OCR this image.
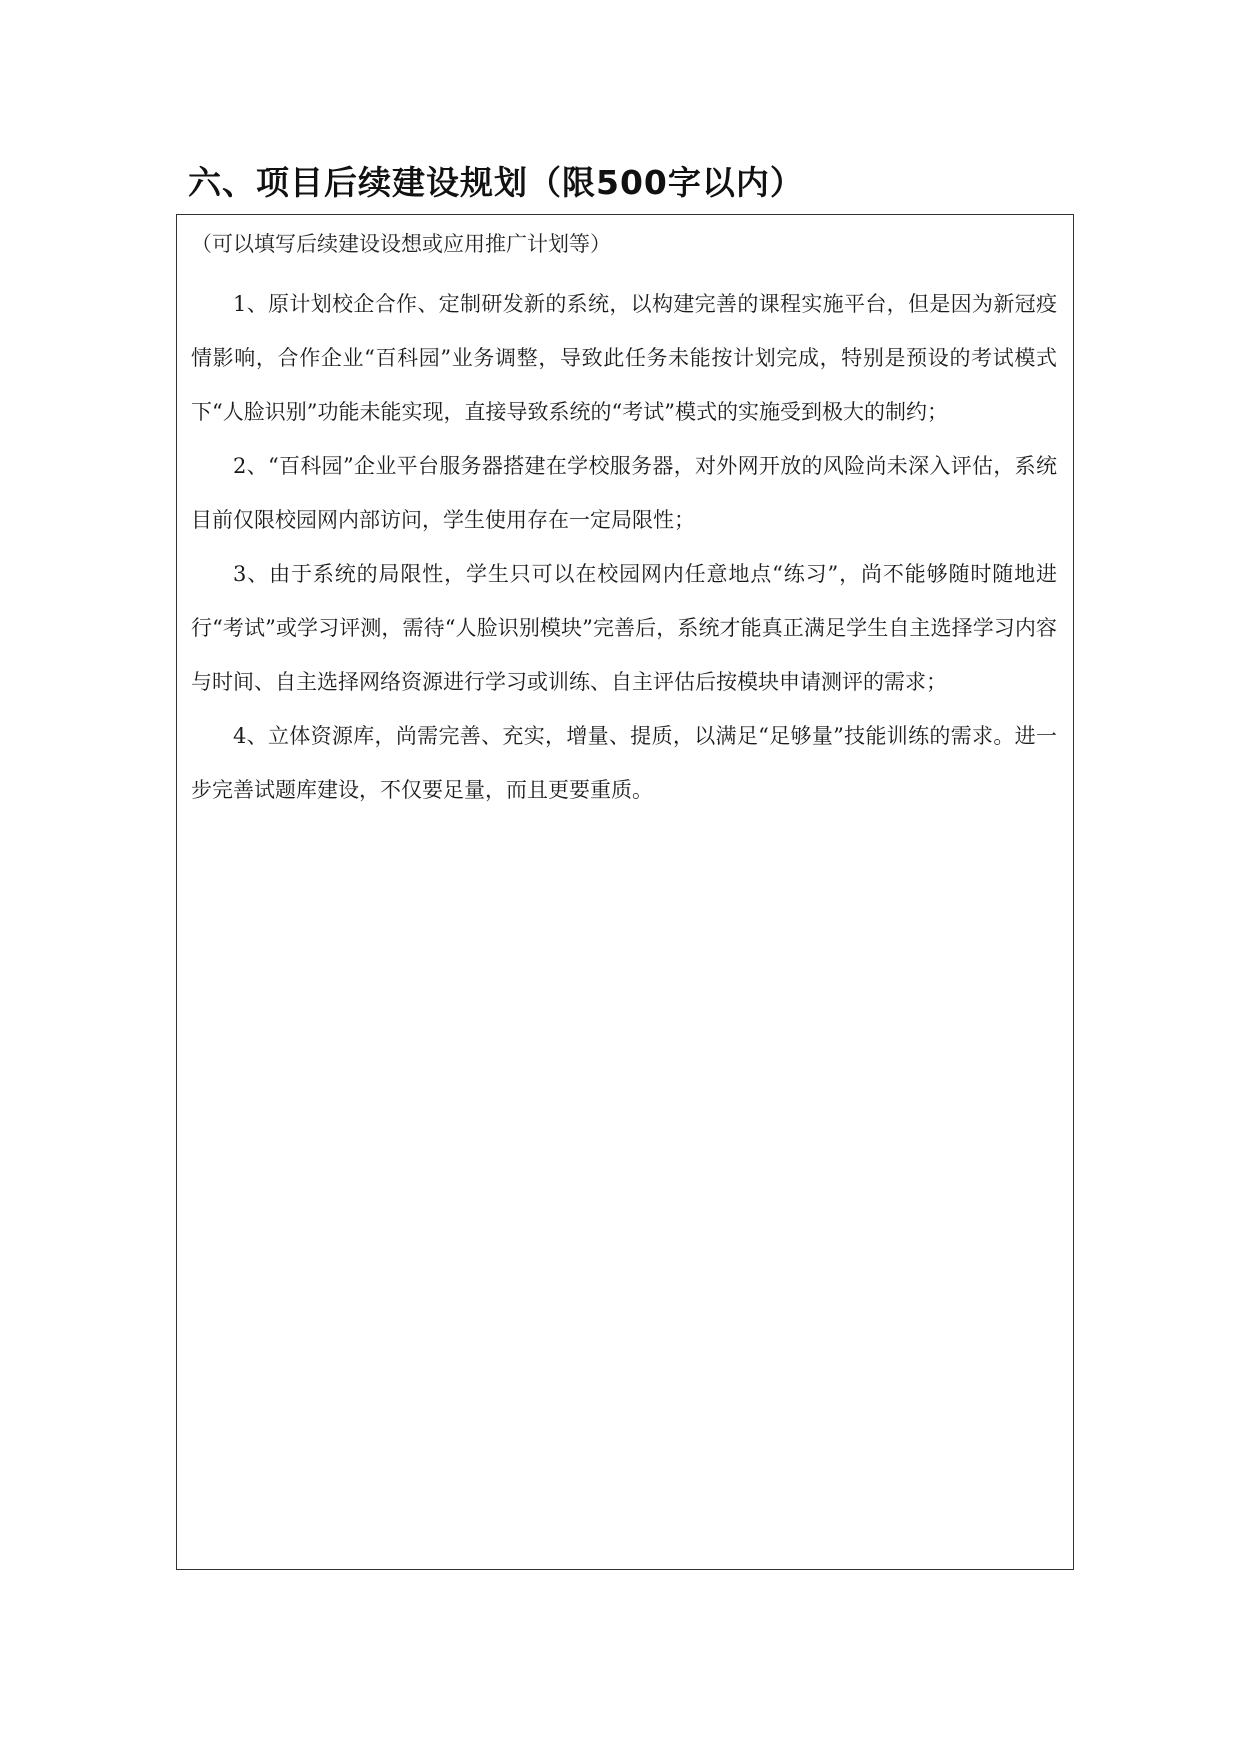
六、项目后续建设规划（限500字以内）
（可以填写后续建设设想或应用推广计划等）

1、原计划校企合作、定制研发新的系统，以构建完善的课程实施平台，但是因为新冠疫情影响，合作企业“百科园”业务调整，导致此任务未能按计划完成，特别是预设的考试模式下“人脸识别”功能未能实现，直接导致系统的“考试”模式的实施受到极大的制约；

2、“百科园”企业平台服务器搭建在学校服务器，对外网开放的风险尚未深入评估，系统目前仅限校园网内部访问，学生使用存在一定局限性；

3、由于系统的局限性，学生只可以在校园网内任意地点“练习”，尚不能够随时随地进行“考试”或学习评测，需待“人脸识别模块”完善后，系统才能真正满足学生自主选择学习内容与时间、自主选择网络资源进行学习或训练、自主评估后按模块申请测评的需求；

4、立体资源库，尚需完善、充实，增量、提质，以满足“足够量”技能训练的需求。进一步完善试题库建设，不仅要足量，而且更要重质。
